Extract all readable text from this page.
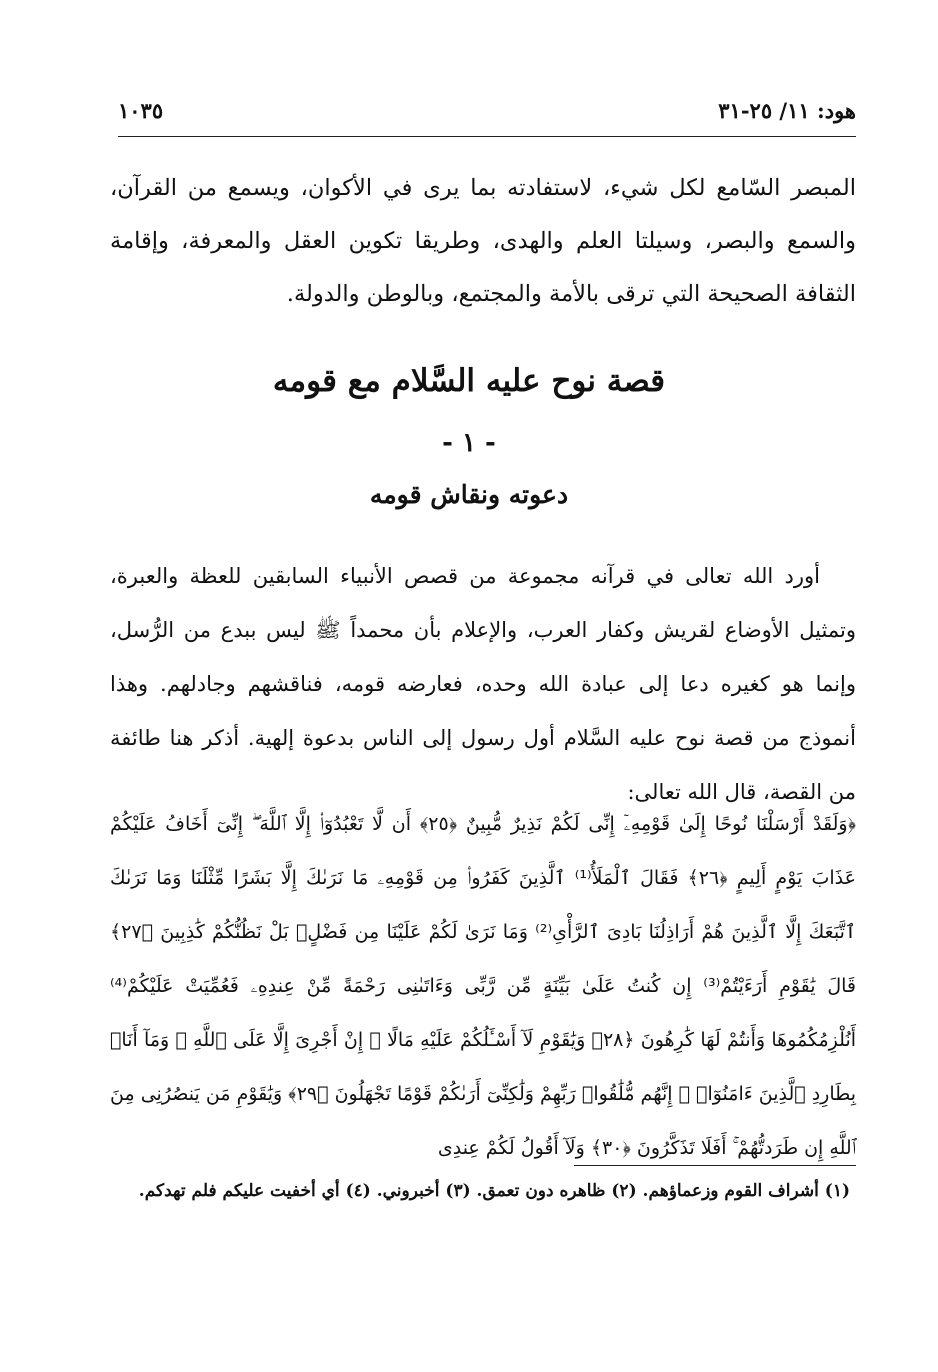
١٠٣٥	هود: ١١/ ٢٥-٣١

المبصر السّامع لكل شيء، لاستفادته بما يرى في الأكوان، ويسمع من القرآن، والسمع والبصر، وسيلتا العلم والهدى، وطريقا تكوين العقل والمعرفة، وإقامة الثقافة الصحيحة التي ترقى بالأمة والمجتمع، وبالوطن والدولة.

قصة نوح عليه السَّلام مع قومه
- ١ -
دعوته ونقاش قومه

أورد الله تعالى في قرآنه مجموعة من قصص الأنبياء السابقين للعظة والعبرة، وتمثيل الأوضاع لقريش وكفار العرب، والإعلام بأن محمداً ﷺ ليس ببدع من الرُّسل، وإنما هو كغيره دعا إلى عبادة الله وحده، فعارضه قومه، فناقشهم وجادلهم. وهذا أنموذج من قصة نوح عليه السَّلام أول رسول إلى الناس بدعوة إلهية. أذكر هنا طائفة من القصة، قال الله تعالى:

﴿وَلَقَدْ أَرْسَلْنَا نُوحًا إِلَىٰ قَوْمِهِۦٓ إِنِّى لَكُمْ نَذِيرٌ مُّبِينٌ ﴿٢٥﴾ أَن لَّا تَعْبُدُوٓا۟ إِلَّا ٱللَّهَ ۖ إِنِّىٓ أَخَافُ عَلَيْكُمْ عَذَابَ يَوْمٍ أَلِيمٍ ﴿٢٦﴾ فَقَالَ ٱلْمَلَأُ⁽¹⁾ ٱلَّذِينَ كَفَرُوا۟ مِن قَوْمِهِۦ مَا نَرَىٰكَ إِلَّا بَشَرًا مِّثْلَنَا وَمَا نَرَىٰكَ ٱتَّبَعَكَ إِلَّا ٱلَّذِينَ هُمْ أَرَاذِلُنَا بَادِىَ ٱلرَّأْىِ⁽²⁾ وَمَا نَرَىٰ لَكُمْ عَلَيْنَا مِن فَضْلٍۭ بَلْ نَظُنُّكُمْ كَٰذِبِينَ ﴿٢٧﴾ قَالَ يَٰقَوْمِ أَرَءَيْتُمْ⁽³⁾ إِن كُنتُ عَلَىٰ بَيِّنَةٍ مِّن رَّبِّى وَءَاتَىٰنِى رَحْمَةً مِّنْ عِندِهِۦ فَعُمِّيَتْ عَلَيْكُمْ⁽⁴⁾ أَنُلْزِمُكُمُوهَا وَأَنتُمْ لَهَا كَٰرِهُونَ ﴿٢٨﴾ وَيَٰقَوْمِ لَآ أَسْـَٔلُكُمْ عَلَيْهِ مَالًا ۖ إِنْ أَجْرِىَ إِلَّا عَلَى ٱللَّهِ ۚ وَمَآ أَنَا۠ بِطَارِدِ ٱلَّذِينَ ءَامَنُوٓا۟ ۚ إِنَّهُم مُّلَٰقُوا۟ رَبِّهِمْ وَلَٰكِنِّىٓ أَرَىٰكُمْ قَوْمًا تَجْهَلُونَ ﴿٢٩﴾ وَيَٰقَوْمِ مَن يَنصُرُنِى مِنَ ٱللَّهِ إِن طَرَدتُّهُمْ ۚ أَفَلَا تَذَكَّرُونَ ﴿٣٠﴾ وَلَآ أَقُولُ لَكُمْ عِندِى
(١) أشراف القوم وزعماؤهم. (٢) ظاهره دون تعمق. (٣) أخبروني. (٤) أي أخفيت عليكم فلم تهدكم.
